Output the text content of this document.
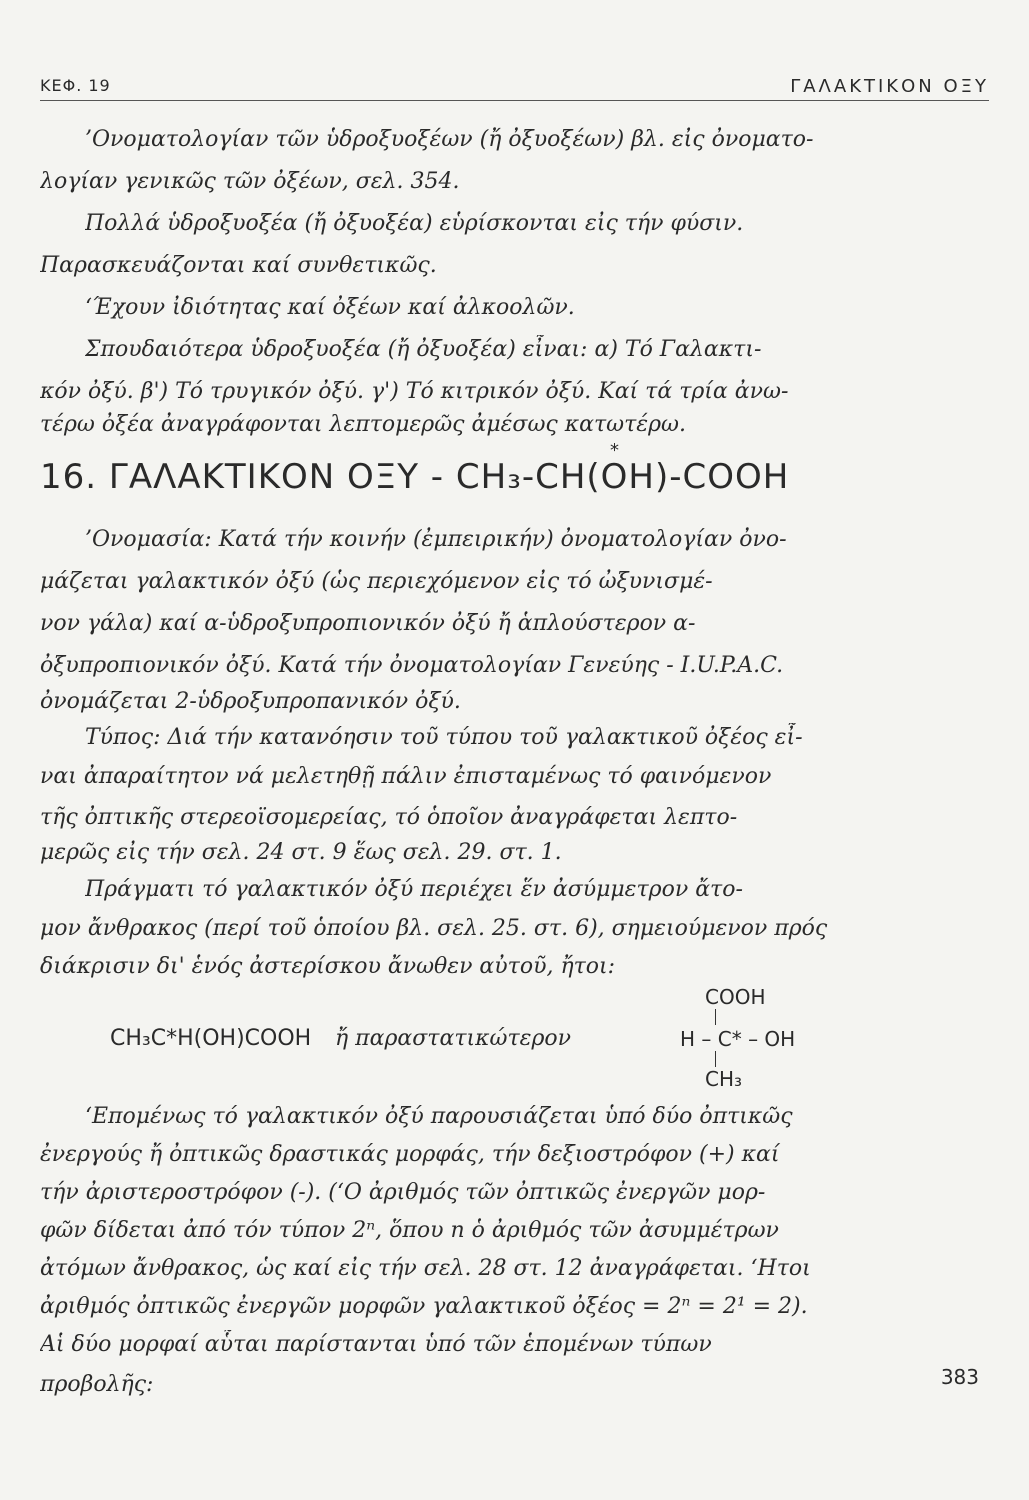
ΚΕΦ. 19	ΓΑΛΑΚΤΙΚΟΝ ΟΞΥ
’Ονοματολογίαν τῶν ὑδροξυοξέων (ἤ ὀξυοξέων) βλ. εἰς ὀνοματο-
λογίαν γενικῶς τῶν ὀξέων, σελ. 354.
Πολλά ὑδροξυοξέα (ἤ ὀξυοξέα) εὑρίσκονται εἰς τήν φύσιν.
Παρασκευάζονται καί συνθετικῶς.
‘Έχουν ἰδιότητας καί ὀξέων καί ἀλκοολῶν.
Σπουδαιότερα ὑδροξυοξέα (ἤ ὀξυοξέα) εἶναι: α) Τό Γαλακτι-
κόν ὀξύ. β') Τό τρυγικόν ὀξύ. γ') Τό κιτρικόν ὀξύ. Καί τά τρία ἀνω-
τέρω ὀξέα ἀναγράφονται λεπτομερῶς ἀμέσως κατωτέρω.
*
16. ΓΑΛΑΚΤΙΚΟΝ ΟΞΥ - CH₃-CH(OH)-COOH
’Ονομασία: Κατά τήν κοινήν (ἐμπειρικήν) ὀνοματολογίαν ὀνο-
μάζεται γαλακτικόν ὀξύ (ὡς περιεχόμενον εἰς τό ὠξυνισμέ-
νον γάλα) καί α-ὑδροξυπροπιονικόν ὀξύ ἤ ἁπλούστερον α-
ὀξυπροπιονικόν ὀξύ. Κατά τήν ὀνοματολογίαν Γενεύης - I.U.P.A.C.
ὀνομάζεται 2-ὑδροξυπροπανικόν ὀξύ.
Τύπος: Διά τήν κατανόησιν τοῦ τύπου τοῦ γαλακτικοῦ ὀξέος εἶ-
ναι ἀπαραίτητον νά μελετηθῇ πάλιν ἐπισταμένως τό φαινόμενον
τῆς ὀπτικῆς στερεοϊσομερείας, τό ὁποῖον ἀναγράφεται λεπτο-
μερῶς εἰς τήν σελ. 24 στ. 9 ἕως σελ. 29. στ. 1.
Πράγματι τό γαλακτικόν ὀξύ περιέχει ἕν ἀσύμμετρον ἄτο-
μον ἄνθρακος (περί τοῦ ὁποίου βλ. σελ. 25. στ. 6), σημειούμενον πρός
διάκρισιν δι' ἑνός ἀστερίσκου ἄνωθεν αὐτοῦ, ἤτοι:
CH₃C*H(OH)COOH ἤ παραστατικώτερον
COOH
H – C* – OH
CH₃
‘Επομένως τό γαλακτικόν ὀξύ παρουσιάζεται ὑπό δύο ὀπτικῶς
ἐνεργούς ἤ ὀπτικῶς δραστικάς μορφάς, τήν δεξιοστρόφον (+) καί
τήν ἀριστεροστρόφον (-). (‘Ο ἀριθμός τῶν ὀπτικῶς ἐνεργῶν μορ-
φῶν δίδεται ἀπό τόν τύπον 2ⁿ, ὅπου n ὁ ἀριθμός τῶν ἀσυμμέτρων
ἀτόμων ἄνθρακος, ὡς καί εἰς τήν σελ. 28 στ. 12 ἀναγράφεται. ‘Ητοι
ἀριθμός ὀπτικῶς ἐνεργῶν μορφῶν γαλακτικοῦ ὀξέος = 2ⁿ = 2¹ = 2).
Αἱ δύο μορφαί αὗται παρίστανται ὑπό τῶν ἑπομένων τύπων
προβολῆς:	383
